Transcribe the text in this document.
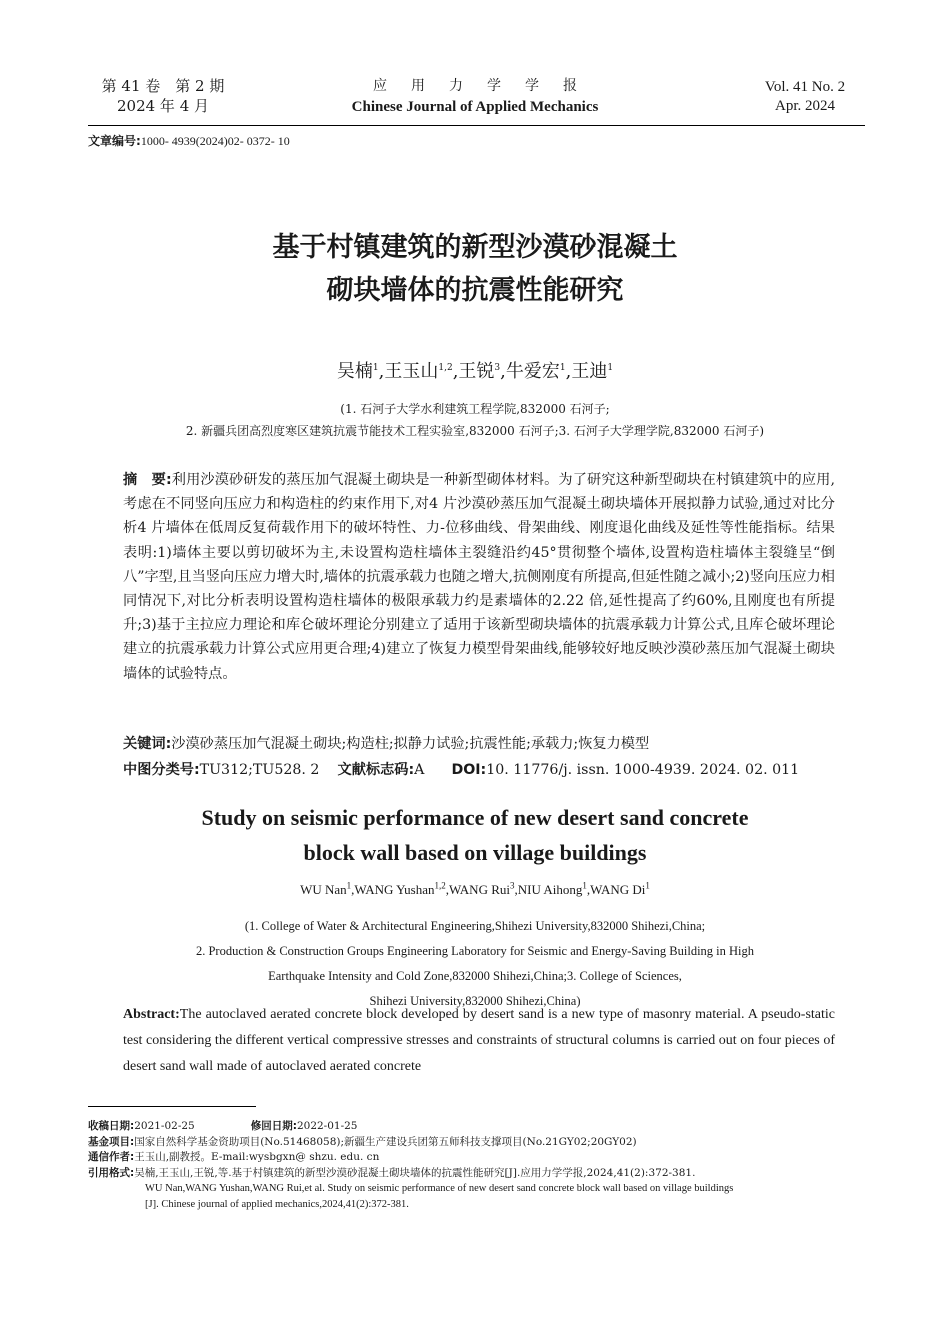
第 41 卷　第 2 期
2024 年 4 月
应用力学学报
Chinese Journal of Applied Mechanics
Vol. 41 No. 2
Apr. 2024
文章编号:1000- 4939(2024)02- 0372- 10
基于村镇建筑的新型沙漠砂混凝土
砌块墙体的抗震性能研究
吴楠$^1$,王玉山$^{1,2}$,王锐$^3$,牛爱宏$^1$,王迪$^1$
(1. 石河子大学水利建筑工程学院,832000 石河子;
2. 新疆兵团高烈度寒区建筑抗震节能技术工程实验室,832000 石河子;3. 石河子大学理学院,832000 石河子)
摘　要:利用沙漠砂研发的蒸压加气混凝土砌块是一种新型砌体材料。为了研究这种新型砌块在村镇建筑中的应用,考虑在不同竖向压应力和构造柱的约束作用下,对4 片沙漠砂蒸压加气混凝土砌块墙体开展拟静力试验,通过对比分析4 片墙体在低周反复荷载作用下的破坏特性、力-位移曲线、骨架曲线、刚度退化曲线及延性等性能指标。结果表明:1)墙体主要以剪切破坏为主,未设置构造柱墙体主裂缝沿约45°贯彻整个墙体,设置构造柱墙体主裂缝呈“倒八”字型,且当竖向压应力增大时,墙体的抗震承载力也随之增大,抗侧刚度有所提高,但延性随之减小;2)竖向压应力相同情况下,对比分析表明设置构造柱墙体的极限承载力约是素墙体的2.22 倍,延性提高了约60%,且刚度也有所提升;3)基于主拉应力理论和库仑破坏理论分别建立了适用于该新型砌块墙体的抗震承载力计算公式,且库仑破坏理论建立的抗震承载力计算公式应用更合理;4)建立了恢复力模型骨架曲线,能够较好地反映沙漠砂蒸压加气混凝土砌块墙体的试验特点。
关键词:沙漠砂蒸压加气混凝土砌块;构造柱;拟静力试验;抗震性能;承载力;恢复力模型
中图分类号:TU312;TU528. 2 文献标志码:A DOI:10. 11776/j. issn. 1000-4939. 2024. 02. 011
Study on seismic performance of new desert sand concrete
block wall based on village buildings
WU Nan$^1$,WANG Yushan$^{1,2}$,WANG Rui$^3$,NIU Aihong$^1$,WANG Di$^1$
(1. College of Water & Architectural Engineering,Shihezi University,832000 Shihezi,China;
2. Production & Construction Groups Engineering Laboratory for Seismic and Energy-Saving Building in High
Earthquake Intensity and Cold Zone,832000 Shihezi,China;3. College of Sciences,
Shihezi University,832000 Shihezi,China)
Abstract:The autoclaved aerated concrete block developed by desert sand is a new type of masonry material. A pseudo-static test considering the different vertical compressive stresses and constraints of structural columns is carried out on four pieces of desert sand wall made of autoclaved aerated concrete
收稿日期:2021-02-25	修回日期:2022-01-25
基金项目:国家自然科学基金资助项目(No.51468058);新疆生产建设兵团第五师科技支撑项目(No.21GY02;20GY02)
通信作者:王玉山,副教授。E-mail:wysbgxn@ shzu. edu. cn
引用格式:吴楠,王玉山,王锐,等.基于村镇建筑的新型沙漠砂混凝土砌块墙体的抗震性能研究[J].应用力学学报,2024,41(2):372-381.
WU Nan,WANG Yushan,WANG Rui,et al. Study on seismic performance of new desert sand concrete block wall based on village buildings
[J]. Chinese journal of applied mechanics,2024,41(2):372-381.
